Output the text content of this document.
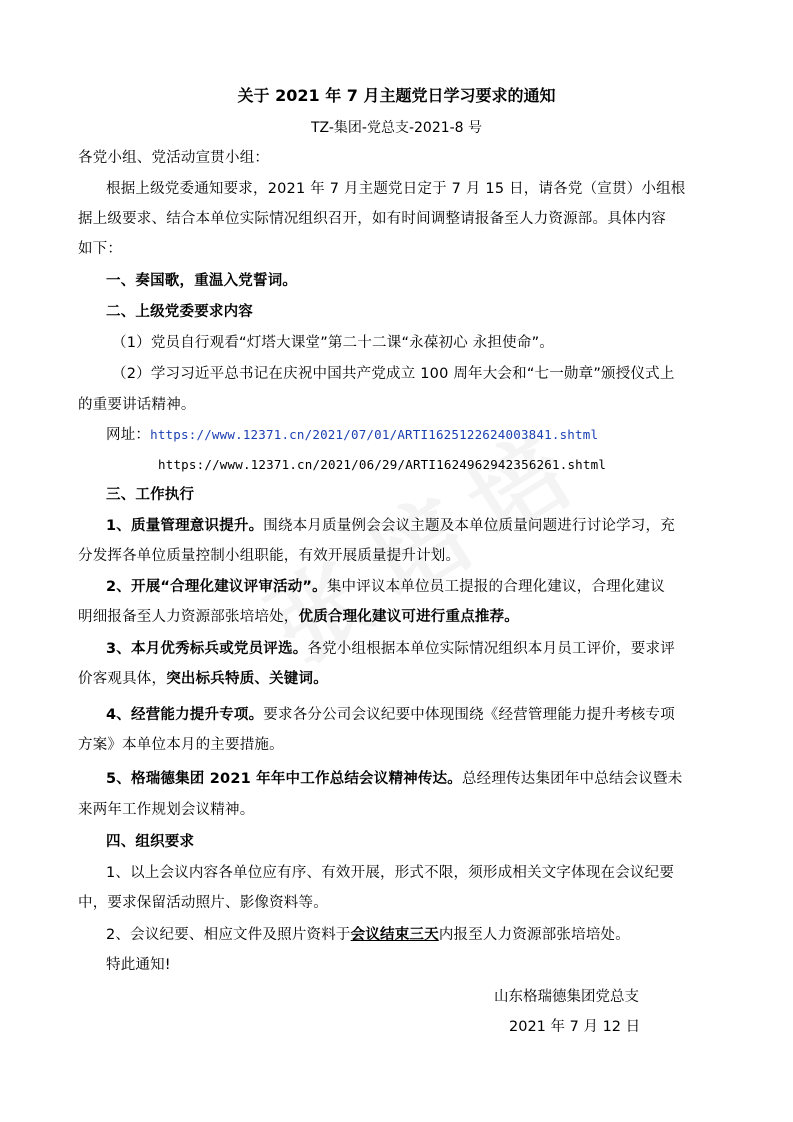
关于 2021 年 7 月主题党日学习要求的通知
TZ-集团-党总支-2021-8 号
各党小组、党活动宣贯小组：
根据上级党委通知要求，2021 年 7 月主题党日定于 7 月 15 日，请各党（宣贯）小组根
据上级要求、结合本单位实际情况组织召开，如有时间调整请报备至人力资源部。具体内容
如下：
一、奏国歌，重温入党誓词。
二、上级党委要求内容
（1）党员自行观看“灯塔大课堂”第二十二课“永葆初心 永担使命”。
（2）学习习近平总书记在庆祝中国共产党成立 100 周年大会和“七一勋章”颁授仪式上
的重要讲话精神。
网址：https://www.12371.cn/2021/07/01/ARTI1625122624003841.shtml
https://www.12371.cn/2021/06/29/ARTI1624962942356261.shtml
三、工作执行
1、质量管理意识提升。围绕本月质量例会会议主题及本单位质量问题进行讨论学习，充
分发挥各单位质量控制小组职能，有效开展质量提升计划。
2、开展“合理化建议评审活动”。集中评议本单位员工提报的合理化建议，合理化建议
明细报备至人力资源部张培培处，优质合理化建议可进行重点推荐。
3、本月优秀标兵或党员评选。各党小组根据本单位实际情况组织本月员工评价，要求评
价客观具体，突出标兵特质、关键词。
4、经营能力提升专项。要求各分公司会议纪要中体现围绕《经营管理能力提升考核专项
方案》本单位本月的主要措施。
5、格瑞德集团 2021 年年中工作总结会议精神传达。总经理传达集团年中总结会议暨未
来两年工作规划会议精神。
四、组织要求
1、以上会议内容各单位应有序、有效开展，形式不限，须形成相关文字体现在会议纪要
中，要求保留活动照片、影像资料等。
2、会议纪要、相应文件及照片资料于会议结束三天内报至人力资源部张培培处。
特此通知!
山东格瑞德集团党总支
2021 年 7 月 12 日
